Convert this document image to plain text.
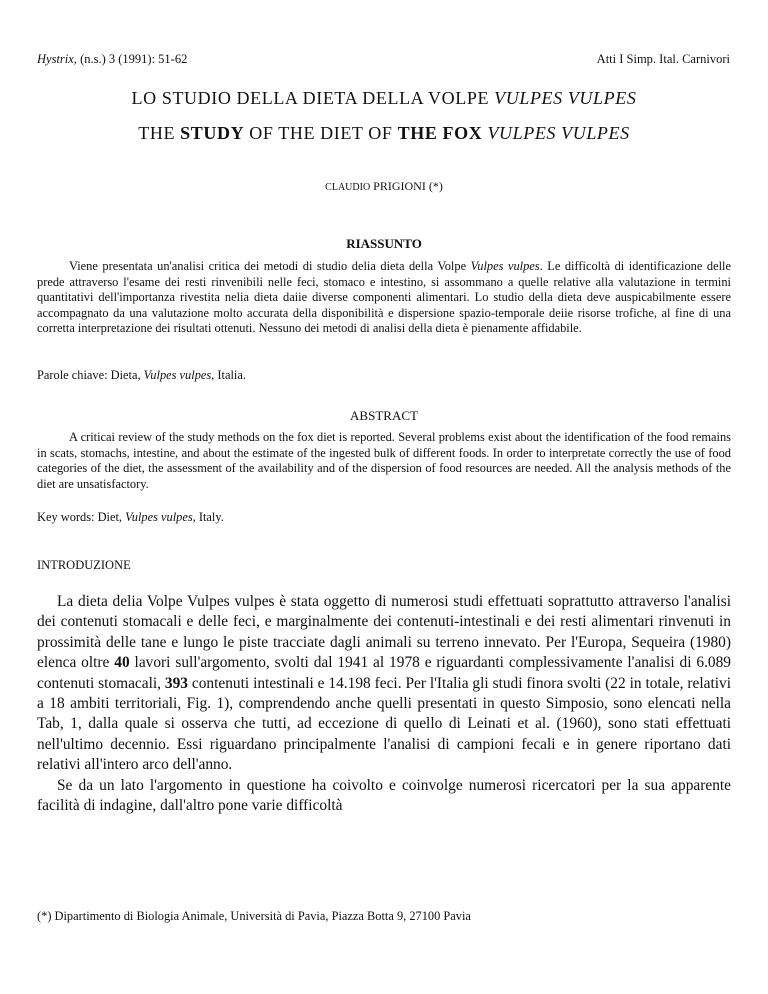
Hystrix, (n.s.) 3 (1991): 51-62	Atti I Simp. Ital. Carnivori
LO STUDIO DELLA DIETA DELLA VOLPE VULPES VULPES
THE STUDY OF THE DIET OF THE FOX VULPES VULPES
CLAUDIO PRIGIONI (*)
RIASSUNTO

Viene presentata un'analisi critica dei metodi di studio delia dieta della Volpe Vulpes vulpes. Le difficoltà di identificazione delle prede attraverso l'esame dei resti rinvenibili nelle feci, stomaco e intestino, si assommano a quelle relative alla valutazione in termini quantitativi dell'importanza rivestita nelia dieta daiie diverse componenti alimentari. Lo studio della dieta deve auspicabilmente essere accompagnato da una valutazione molto accurata della disponibilità e dispersione spazio-temporale deiie risorse trofiche, al fine di una corretta interpretazione dei risultati ottenuti. Nessuno dei metodi di analisi della dieta è pienamente affidabile.

Parole chiave: Dieta, Vulpes vulpes, Italia.
ABSTRACT

A criticai review of the study methods on the fox diet is reported. Several problems exist about the identification of the food remains in scats, stomachs, intestine, and about the estimate of the ingested bulk of different foods. In order to interpretate correctly the use of food categories of the diet, the assessment of the availability and of the dispersion of food resources are needed. All the analysis methods of the diet are unsatisfactory.

Key words: Diet, Vulpes vulpes, Italy.
INTRODUZIONE

La dieta delia Volpe Vulpes vulpes è stata oggetto di numerosi studi effettuati soprattutto attraverso l'analisi dei contenuti stomacali e delle feci, e marginalmente dei contenuti-intestinali e dei resti alimentari rinvenuti in prossimità delle tane e lungo le piste tracciate dagli animali su terreno innevato. Per l'Europa, Sequeira (1980) elenca oltre 40 lavori sull'argomento, svolti dal 1941 al 1978 e riguardanti complessivamente l'analisi di 6.089 contenuti stomacali, 393 contenuti intestinali e 14.198 feci. Per l'Italia gli studi finora svolti (22 in totale, relativi a 18 ambiti territoriali, Fig. 1), comprendendo anche quelli presentati in questo Simposio, sono elencati nella Tab, 1, dalla quale si osserva che tutti, ad eccezione di quello di Leinati et al. (1960), sono stati effettuati nell'ultimo decennio. Essi riguardano principalmente l'analisi di campioni fecali e in genere riportano dati relativi all'intero arco dell'anno.

Se da un lato l'argomento in questione ha coivolto e coinvolge numerosi ricercatori per la sua apparente facilità di indagine, dall'altro pone varie difficoltà

(*) Dipartimento di Biologia Animale, Università di Pavia, Piazza Botta 9, 27100 Pavia
